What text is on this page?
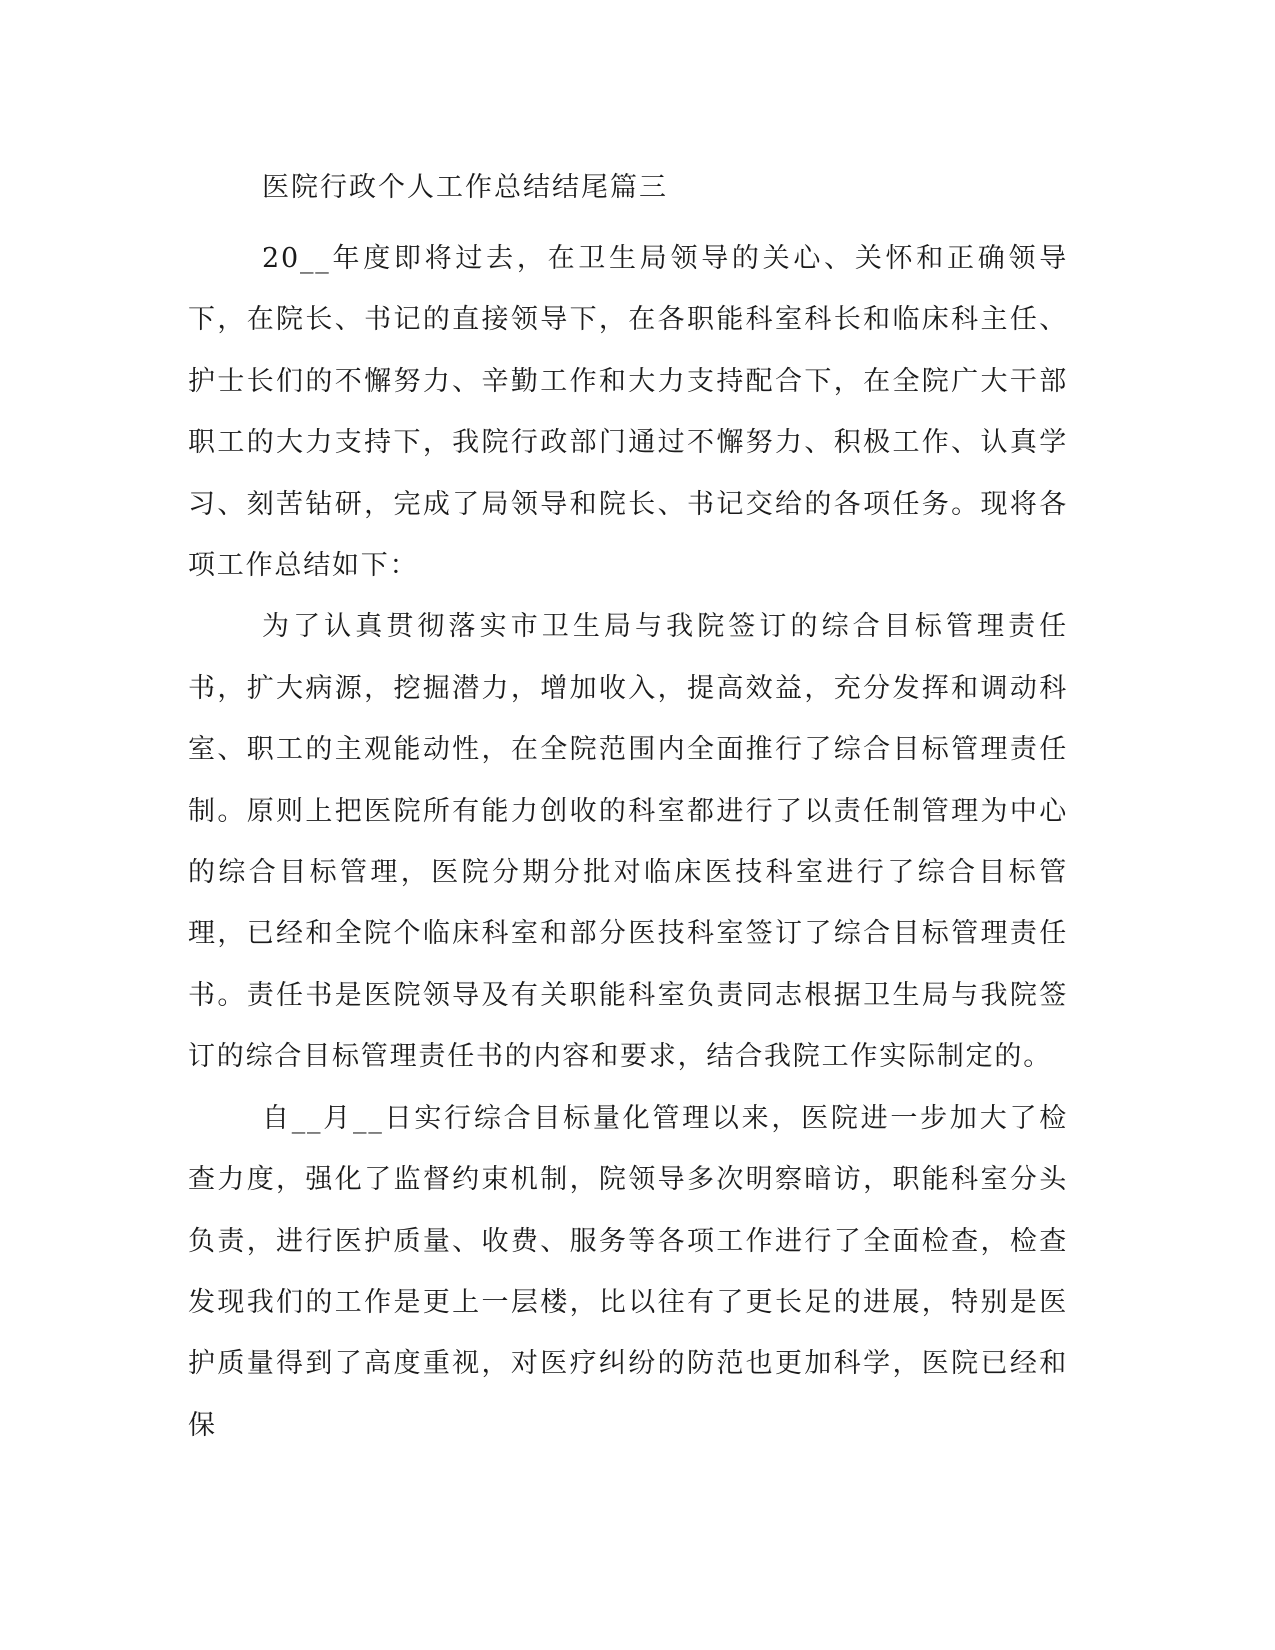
医院行政个人工作总结结尾篇三

20__年度即将过去，在卫生局领导的关心、关怀和正确领导下，在院长、书记的直接领导下，在各职能科室科长和临床科主任、护士长们的不懈努力、辛勤工作和大力支持配合下，在全院广大干部职工的大力支持下，我院行政部门通过不懈努力、积极工作、认真学习、刻苦钻研，完成了局领导和院长、书记交给的各项任务。现将各项工作总结如下：

为了认真贯彻落实市卫生局与我院签订的综合目标管理责任书，扩大病源，挖掘潜力，增加收入，提高效益，充分发挥和调动科室、职工的主观能动性，在全院范围内全面推行了综合目标管理责任制。原则上把医院所有能力创收的科室都进行了以责任制管理为中心的综合目标管理，医院分期分批对临床医技科室进行了综合目标管理，已经和全院个临床科室和部分医技科室签订了综合目标管理责任书。责任书是医院领导及有关职能科室负责同志根据卫生局与我院签订的综合目标管理责任书的内容和要求，结合我院工作实际制定的。

自__月__日实行综合目标量化管理以来，医院进一步加大了检查力度，强化了监督约束机制，院领导多次明察暗访，职能科室分头负责，进行医护质量、收费、服务等各项工作进行了全面检查，检查发现我们的工作是更上一层楼，比以往有了更长足的进展，特别是医护质量得到了高度重视，对医疗纠纷的防范也更加科学，医院已经和保
